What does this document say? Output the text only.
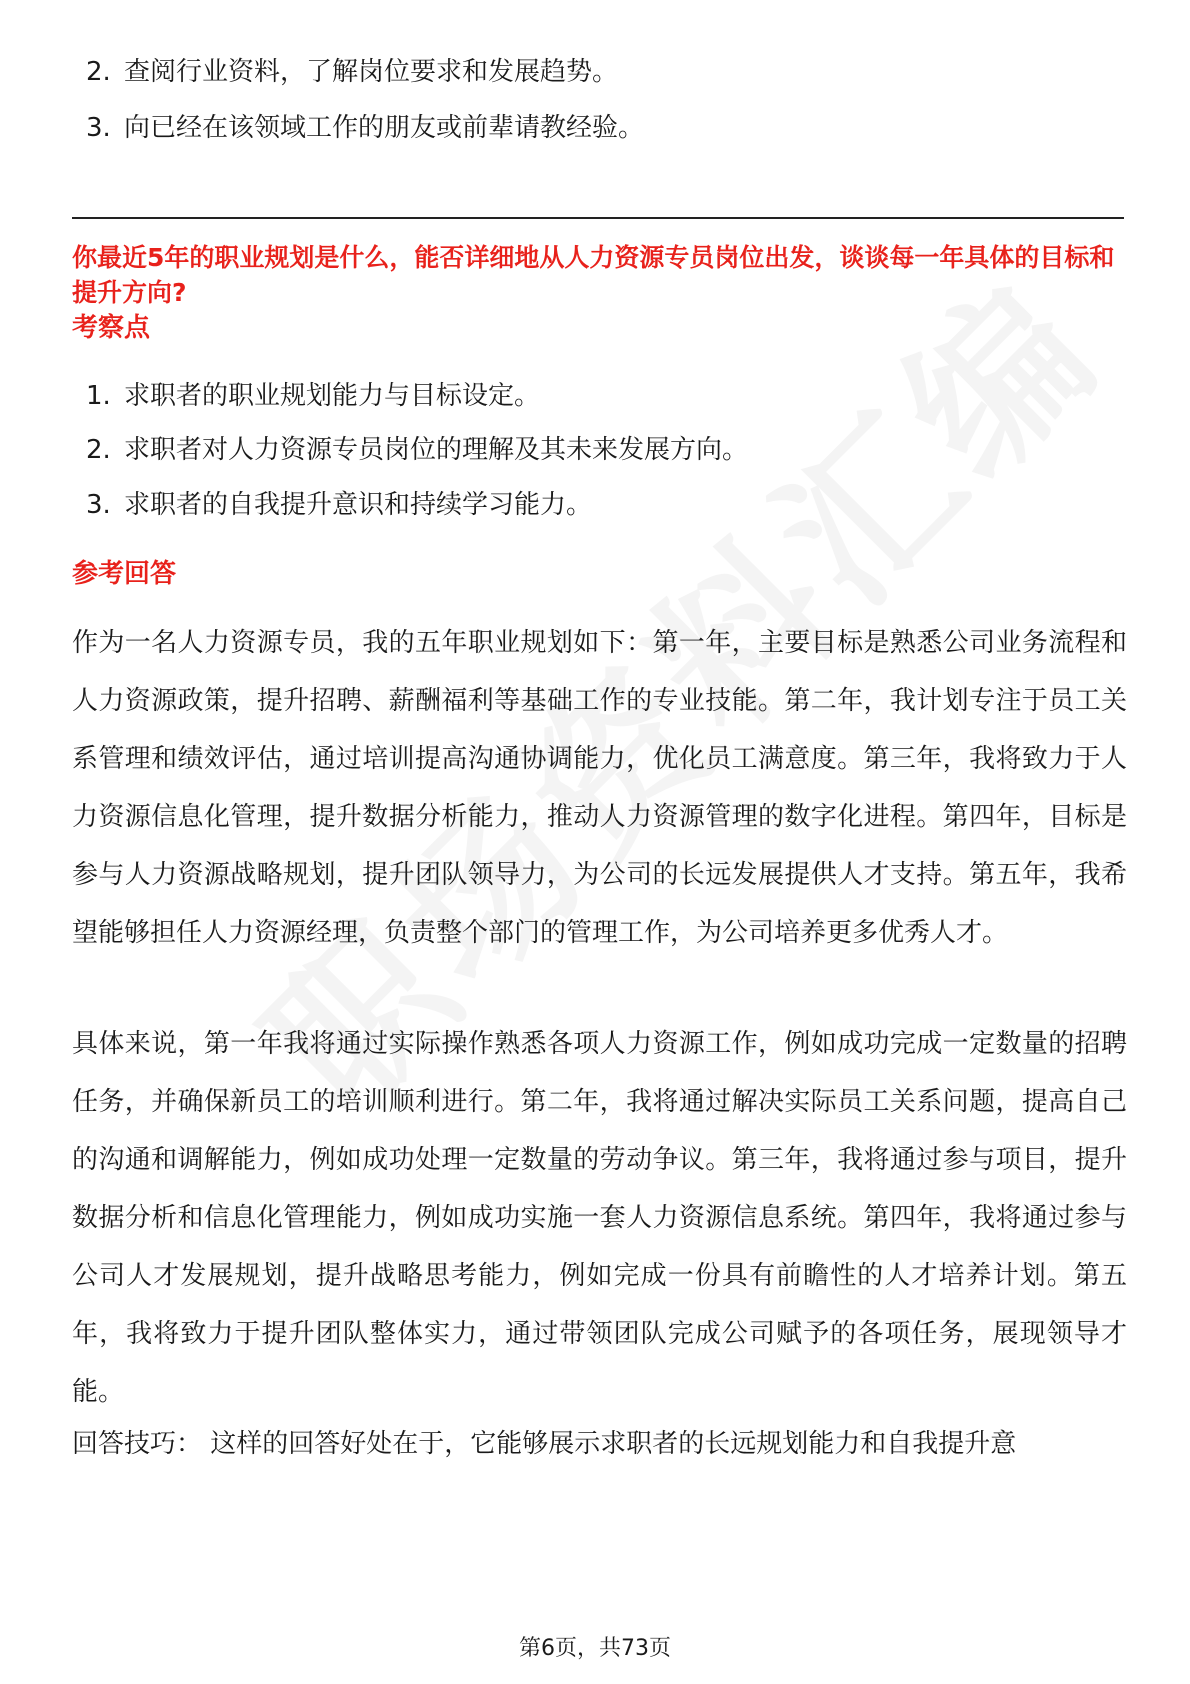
2. 查阅行业资料，了解岗位要求和发展趋势。
3. 向已经在该领域工作的朋友或前辈请教经验。
你最近5年的职业规划是什么，能否详细地从人力资源专员岗位出发，谈谈每一年具体的目标和提升方向?
考察点
1. 求职者的职业规划能力与目标设定。
2. 求职者对人力资源专员岗位的理解及其未来发展方向。
3. 求职者的自我提升意识和持续学习能力。
参考回答

作为一名人力资源专员，我的五年职业规划如下：第一年，主要目标是熟悉公司业务流程和人力资源政策，提升招聘、薪酬福利等基础工作的专业技能。第二年，我计划专注于员工关系管理和绩效评估，通过培训提高沟通协调能力，优化员工满意度。第三年，我将致力于人力资源信息化管理，提升数据分析能力，推动人力资源管理的数字化进程。第四年，目标是参与人力资源战略规划，提升团队领导力，为公司的长远发展提供人才支持。第五年，我希望能够担任人力资源经理，负责整个部门的管理工作，为公司培养更多优秀人才。

具体来说，第一年我将通过实际操作熟悉各项人力资源工作，例如成功完成一定数量的招聘任务，并确保新员工的培训顺利进行。第二年，我将通过解决实际员工关系问题，提高自己的沟通和调解能力，例如成功处理一定数量的劳动争议。第三年，我将通过参与项目，提升数据分析和信息化管理能力，例如成功实施一套人力资源信息系统。第四年，我将通过参与公司人才发展规划，提升战略思考能力，例如完成一份具有前瞻性的人才培养计划。第五年，我将致力于提升团队整体实力，通过带领团队完成公司赋予的各项任务，展现领导才能。

回答技巧： 这样的回答好处在于，它能够展示求职者的长远规划能力和自我提升意

第6页，共73页
